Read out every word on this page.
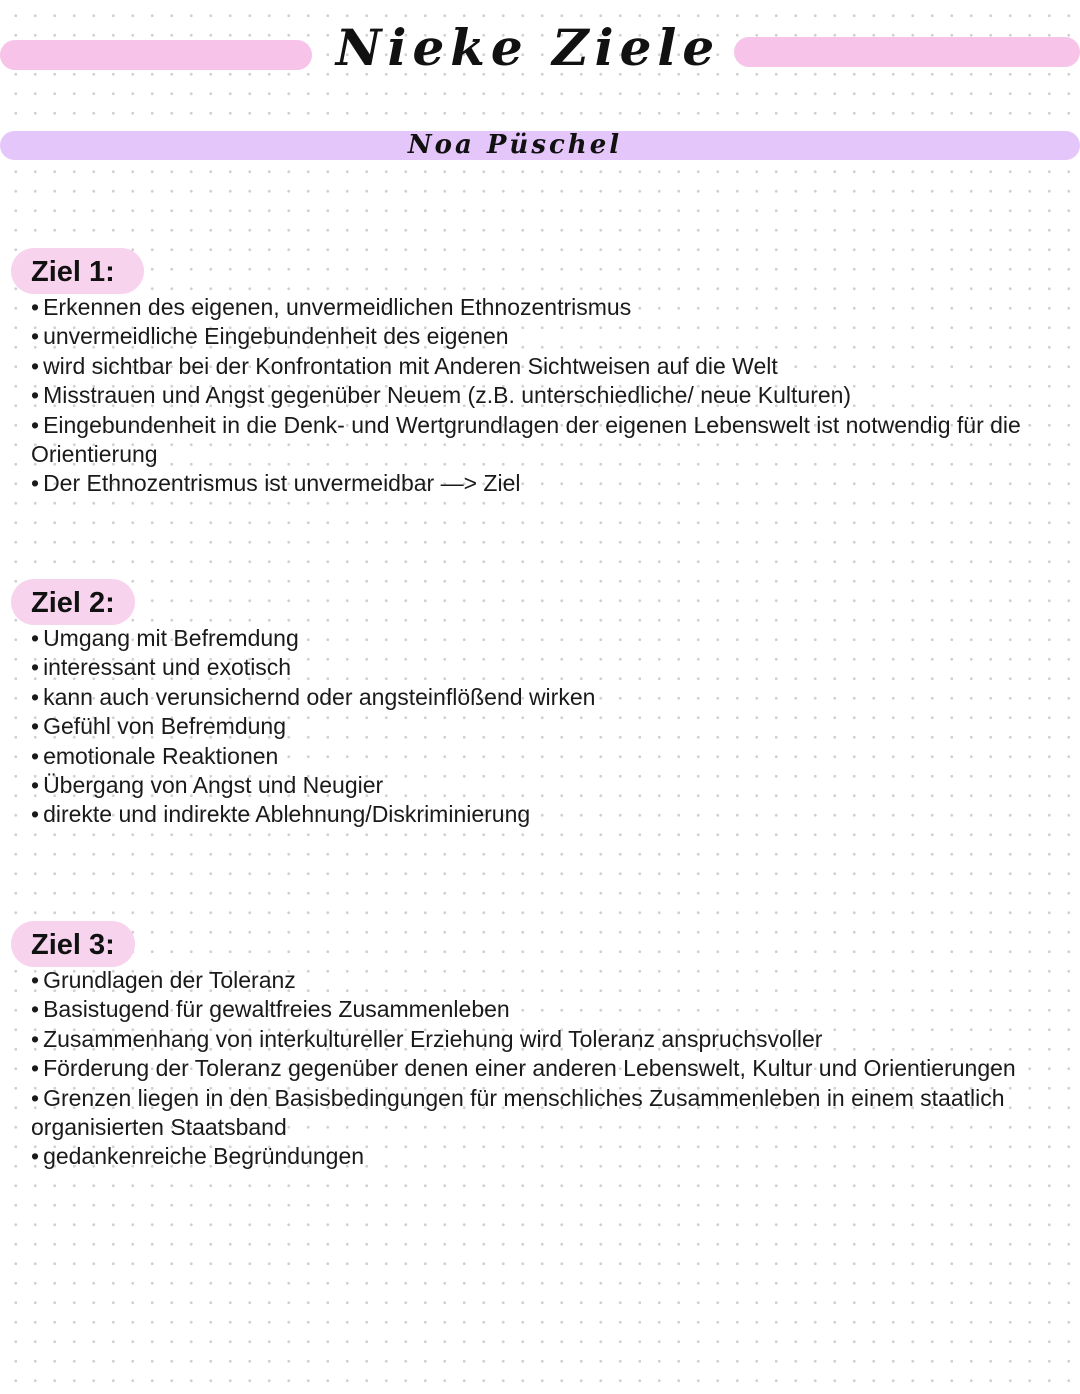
Nieke Ziele
Noa Püschel
Ziel 1:
• Erkennen des eigenen, unvermeidlichen Ethnozentrismus
• unvermeidliche Eingebundenheit des eigenen
• wird sichtbar bei der Konfrontation mit Anderen Sichtweisen auf die Welt
• Misstrauen und Angst gegenüber Neuem (z.B. unterschiedliche/ neue Kulturen)
• Eingebundenheit in die Denk- und Wertgrundlagen der eigenen Lebenswelt ist notwendig für die Orientierung
• Der Ethnozentrismus ist unvermeidbar —> Ziel
Ziel 2:
• Umgang mit Befremdung
• interessant und exotisch
• kann auch verunsichernd oder angsteinflößend wirken
• Gefühl von Befremdung
• emotionale Reaktionen
• Übergang von Angst und Neugier
• direkte und indirekte Ablehnung/Diskriminierung
Ziel 3:
• Grundlagen der Toleranz
• Basistugend für gewaltfreies Zusammenleben
• Zusammenhang von interkultureller Erziehung wird Toleranz anspruchsvoller
• Förderung der Toleranz gegenüber denen einer anderen Lebenswelt, Kultur und Orientierungen
• Grenzen liegen in den Basisbedingungen für menschliches Zusammenleben in einem staatlich organisierten Staatsband
• gedankenreiche Begründungen
